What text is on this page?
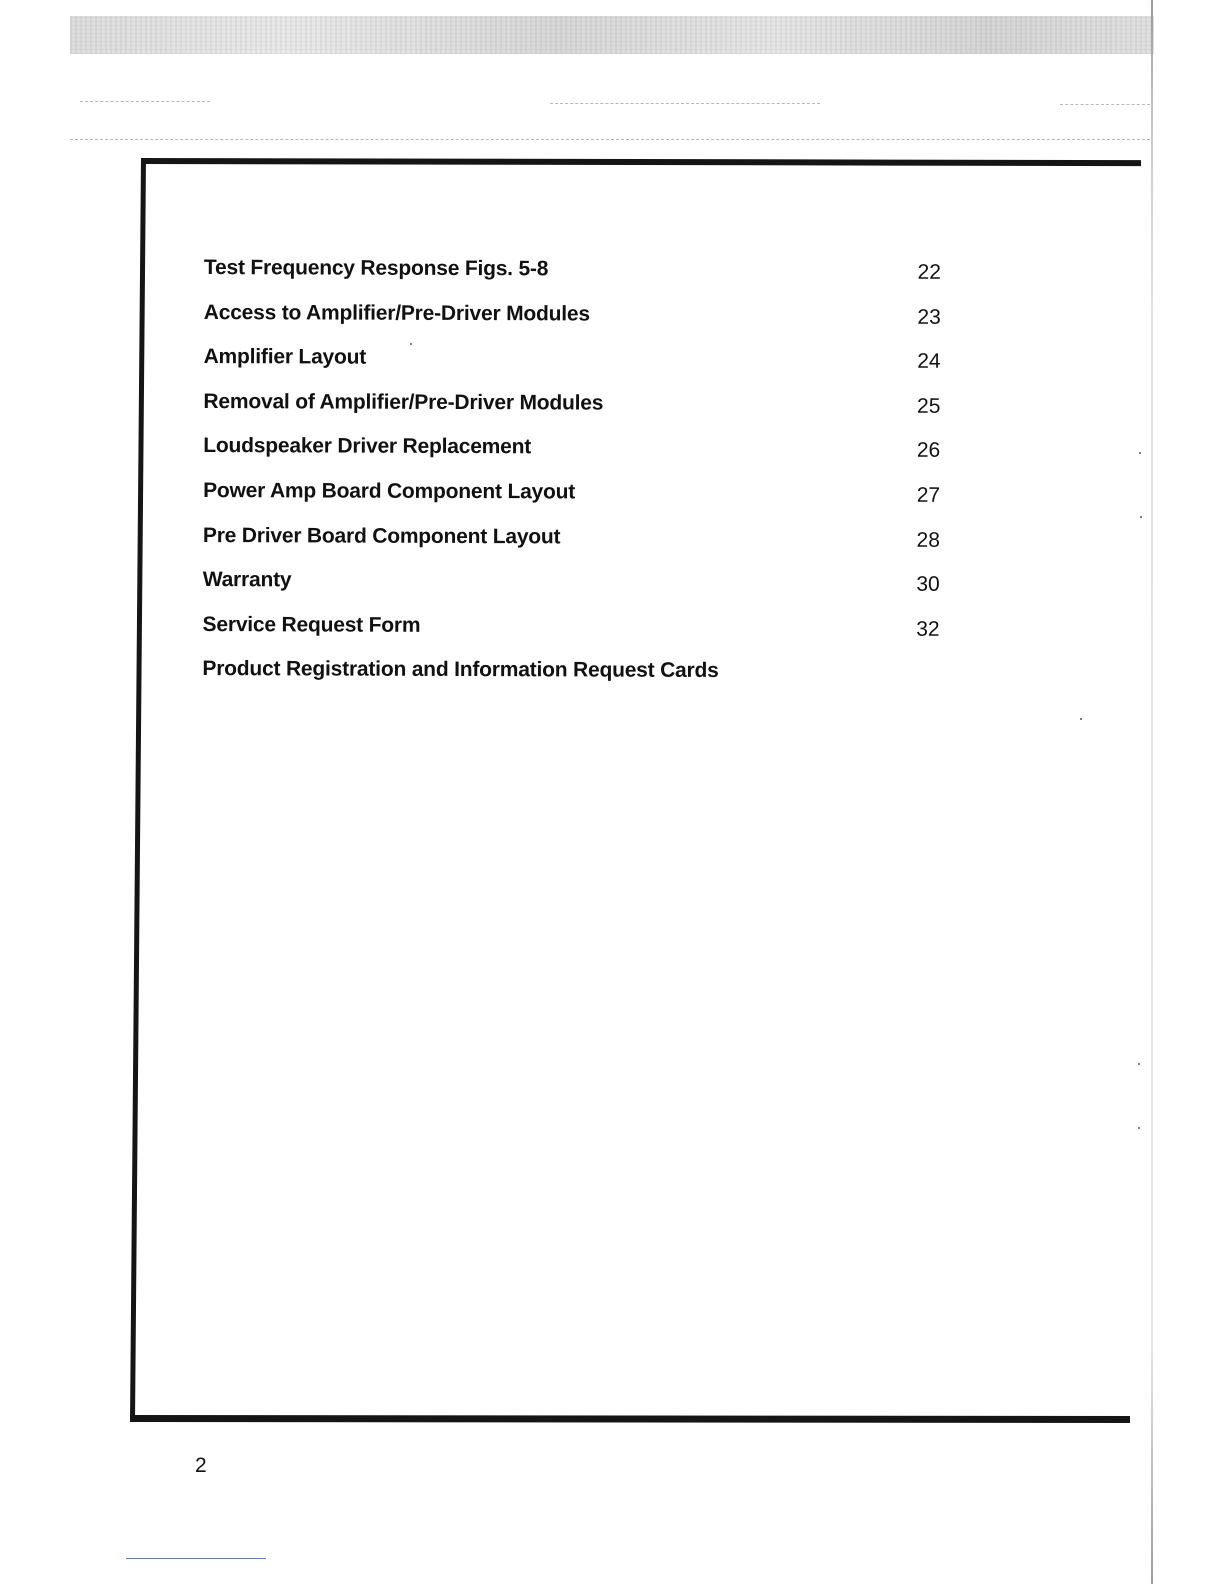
Test Frequency Response Figs. 5-8	22
Access to Amplifier/Pre-Driver Modules	23
Amplifier Layout	24
Removal of Amplifier/Pre-Driver Modules	25
Loudspeaker Driver Replacement	26
Power Amp Board Component Layout	27
Pre Driver Board Component Layout	28
Warranty	30
Service Request Form	32
Product Registration and Information Request Cards
2
